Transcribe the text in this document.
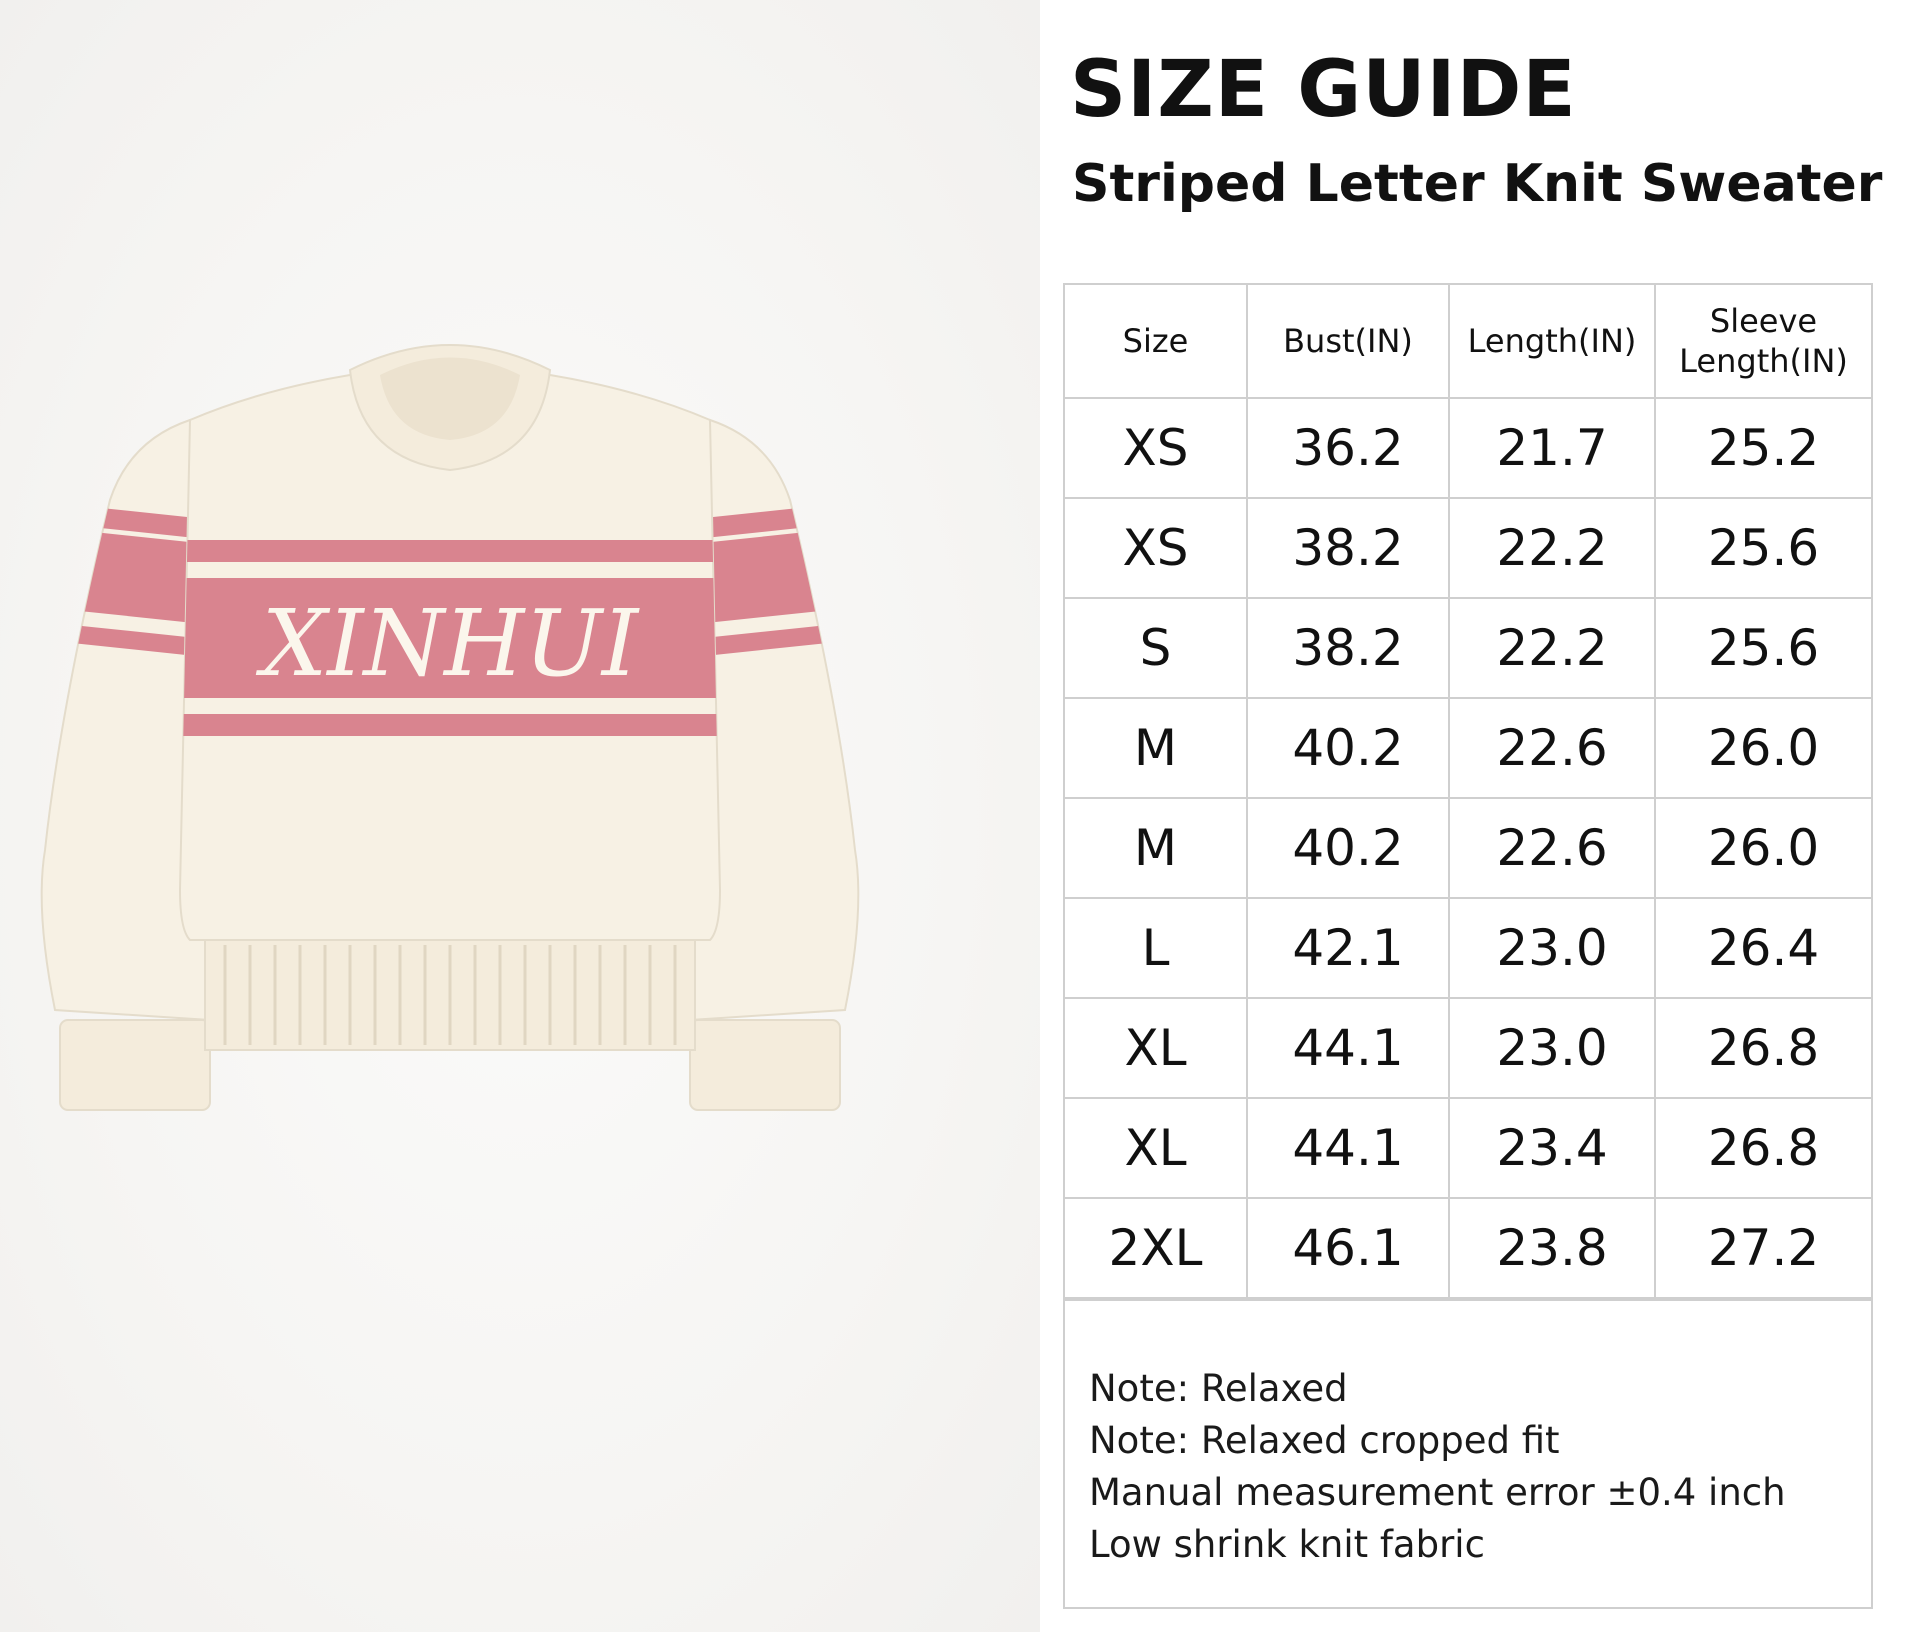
XINHUI
SIZE GUIDE
Striped Letter Knit Sweater
Size	Bust(IN)	Length(IN)	Sleeve Length(IN)
XS	36.2	21.7	25.2
XS	38.2	22.2	25.6
S	38.2	22.2	25.6
M	40.2	22.6	26.0
M	40.2	22.6	26.0
L	42.1	23.0	26.4
XL	44.1	23.0	26.8
XL	44.1	23.4	26.8
2XL	46.1	23.8	27.2
Note: Relaxed
Note: Relaxed cropped fit
Manual measurement error ±0.4 inch
Low shrink knit fabric
